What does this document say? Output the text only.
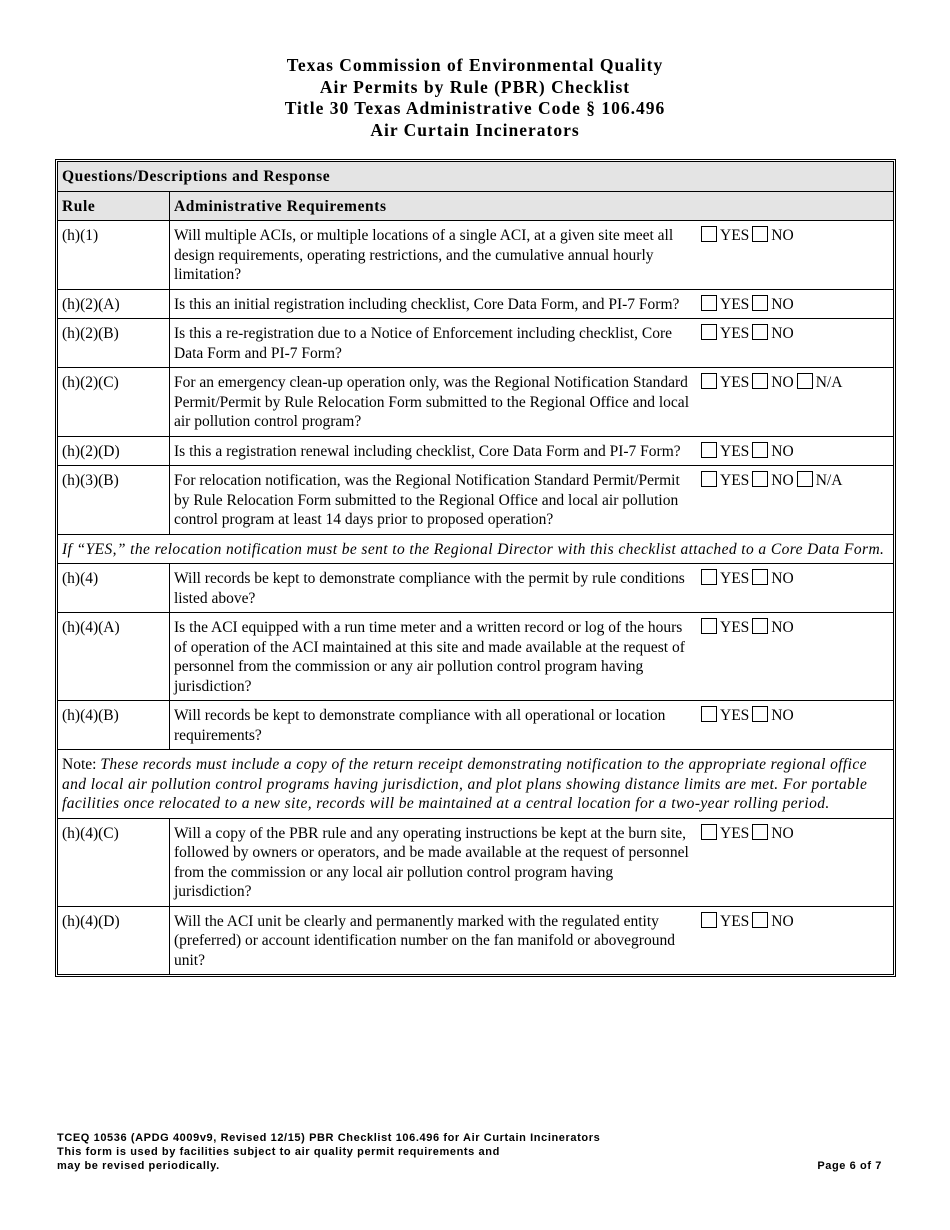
Texas Commission of Environmental Quality
Air Permits by Rule (PBR) Checklist
Title 30 Texas Administrative Code § 106.496
Air Curtain Incinerators
Questions/Descriptions and Response	
Rule	Administrative Requirements
(h)(1)	Will multiple ACIs, or multiple locations of a single ACI, at a given site meet all design requirements, operating restrictions, and the cumulative annual hourly limitation?
YES NO

(h)(2)(A)	Is this an initial registration including checklist, Core Data Form, and PI-7 Form? YES NO

(h)(2)(B)	Is this a re-registration due to a Notice of Enforcement including checklist, Core Data Form and PI-7 Form?
YES NO

(h)(2)(C)	For an emergency clean-up operation only, was the Regional Notification Standard Permit/Permit by Rule Relocation Form submitted to the Regional Office and local air pollution control program?
YES NO N/A

(h)(2)(D)	Is this a registration renewal including checklist, Core Data Form and PI-7 Form? YES NO

(h)(3)(B)	For relocation notification, was the Regional Notification Standard Permit/Permit by Rule Relocation Form submitted to the Regional Office and local air pollution control program at least 14 days prior to proposed operation?
YES NO N/A

If “YES,” the relocation notification must be sent to the Regional Director with this checklist attached to a Core Data Form.	
(h)(4)	Will records be kept to demonstrate compliance with the permit by rule conditions listed above?
YES NO

(h)(4)(A)	Is the ACI equipped with a run time meter and a written record or log of the hours of operation of the ACI maintained at this site and made available at the request of personnel from the commission or any air pollution control program having jurisdiction?
YES NO

(h)(4)(B)	Will records be kept to demonstrate compliance with all operational or location requirements?
YES NO

Note: These records must include a copy of the return receipt demonstrating notification to the appropriate regional office and local air pollution control programs having jurisdiction, and plot plans showing distance limits are met. For portable facilities once relocated to a new site, records will be maintained at a central location for a two-year rolling period.	
(h)(4)(C)	Will a copy of the PBR rule and any operating instructions be kept at the burn site, followed by owners or operators, and be made available at the request of personnel from the commission or any local air pollution control program having jurisdiction?
YES NO

(h)(4)(D)	Will the ACI unit be clearly and permanently marked with the regulated entity (preferred) or account identification number on the fan manifold or aboveground unit?
YES NO
TCEQ 10536 (APDG 4009v9, Revised 12/15) PBR Checklist 106.496 for Air Curtain Incinerators
This form is used by facilities subject to air quality permit requirements and
may be revised periodically.	Page 6 of 7
